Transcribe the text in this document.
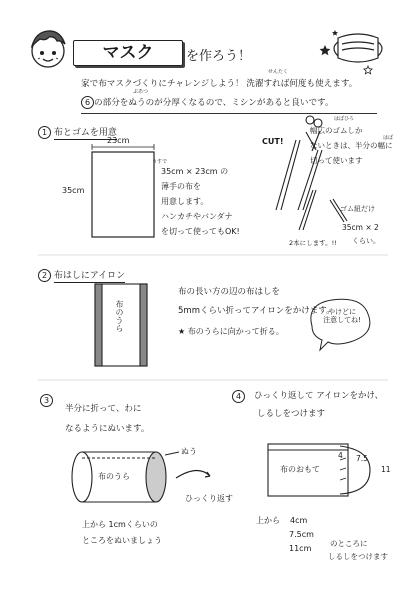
マスク	を作ろう！
家で布マスクづくりにチャレンジしよう！ 洗濯すれば何度も使えます。
6 の部分をぬうのが分厚くなるので、ミシンがあると良いです。
せんたく
ぶあつ
1 布とゴムを用意
23cm
35cm
うすで
35cm × 23cm の
薄手の布を
用意します。
ハンカチやバンダナ
を切って使ってもOK!
CUT!
はばひろ
幅広のゴムしか
ないときは、半分の幅に
切って使います
はば
ゴム紐だけ
35cm × 2
くらい。
2本にします。!!
2 布はしにアイロン
布のうら
布の長い方の辺の布はしを
5mmくらい折ってアイロンをかけます。
★ 布のうらに向かって折る。
やけどに
注意してね!
3
半分に折って、わに
なるようにぬいます。
布のうら
ぬう
ひっくり返す
上から 1cmくらいの
ところをぬいましょう
4	ひっくり返して アイロンをかけ、
しるしをつけます
布のおもて
4 7.5
11
上から 4cm
7.5cm
11cm
のところに
しるしをつけます
